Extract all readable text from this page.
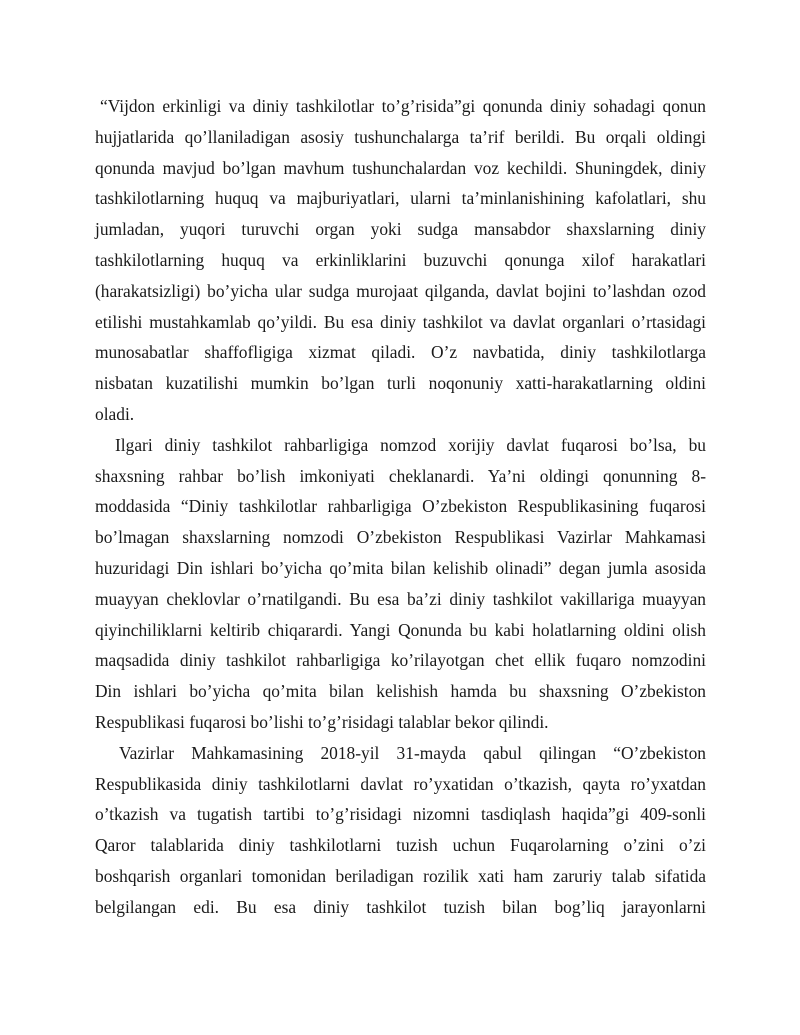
“Vijdon erkinligi va diniy tashkilotlar to’g’risida”gi qonunda diniy sohadagi qonun
hujjatlarida qo’llaniladigan asosiy tushunchalarga ta’rif berildi. Bu orqali oldingi
qonunda mavjud bo’lgan mavhum tushunchalardan voz kechildi. Shuningdek, diniy
tashkilotlarning huquq va majburiyatlari, ularni ta’minlanishining kafolatlari, shu
jumladan, yuqori turuvchi organ yoki sudga mansabdor shaxslarning diniy
tashkilotlarning huquq va erkinliklarini buzuvchi qonunga xilof harakatlari
(harakatsizligi) bo’yicha ular sudga murojaat qilganda, davlat bojini to’lashdan ozod
etilishi mustahkamlab qo’yildi. Bu esa diniy tashkilot va davlat organlari o’rtasidagi
munosabatlar shaffofligiga xizmat qiladi. O’z navbatida, diniy tashkilotlarga
nisbatan kuzatilishi mumkin bo’lgan turli noqonuniy xatti-harakatlarning oldini
oladi.
Ilgari diniy tashkilot rahbarligiga nomzod xorijiy davlat fuqarosi bo’lsa, bu
shaxsning rahbar bo’lish imkoniyati cheklanardi. Ya’ni oldingi qonunning 8-
moddasida “Diniy tashkilotlar rahbarligiga O’zbekiston Respublikasining fuqarosi
bo’lmagan shaxslarning nomzodi O’zbekiston Respublikasi Vazirlar Mahkamasi
huzuridagi Din ishlari bo’yicha qo’mita bilan kelishib olinadi” degan jumla asosida
muayyan cheklovlar o’rnatilgandi. Bu esa ba’zi diniy tashkilot vakillariga muayyan
qiyinchiliklarni keltirib chiqarardi. Yangi Qonunda bu kabi holatlarning oldini olish
maqsadida diniy tashkilot rahbarligiga ko’rilayotgan chet ellik fuqaro nomzodini
Din ishlari bo’yicha qo’mita bilan kelishish hamda bu shaxsning O’zbekiston
Respublikasi fuqarosi bo’lishi to’g’risidagi talablar bekor qilindi.
Vazirlar Mahkamasining 2018-yil 31-mayda qabul qilingan “O’zbekiston
Respublikasida diniy tashkilotlarni davlat ro’yxatidan o’tkazish, qayta ro’yxatdan
o’tkazish va tugatish tartibi to’g’risidagi nizomni tasdiqlash haqida”gi 409-sonli
Qaror talablarida diniy tashkilotlarni tuzish uchun Fuqarolarning o’zini o’zi
boshqarish organlari tomonidan beriladigan rozilik xati ham zaruriy talab sifatida
belgilangan edi. Bu esa diniy tashkilot tuzish bilan bog’liq jarayonlarni
